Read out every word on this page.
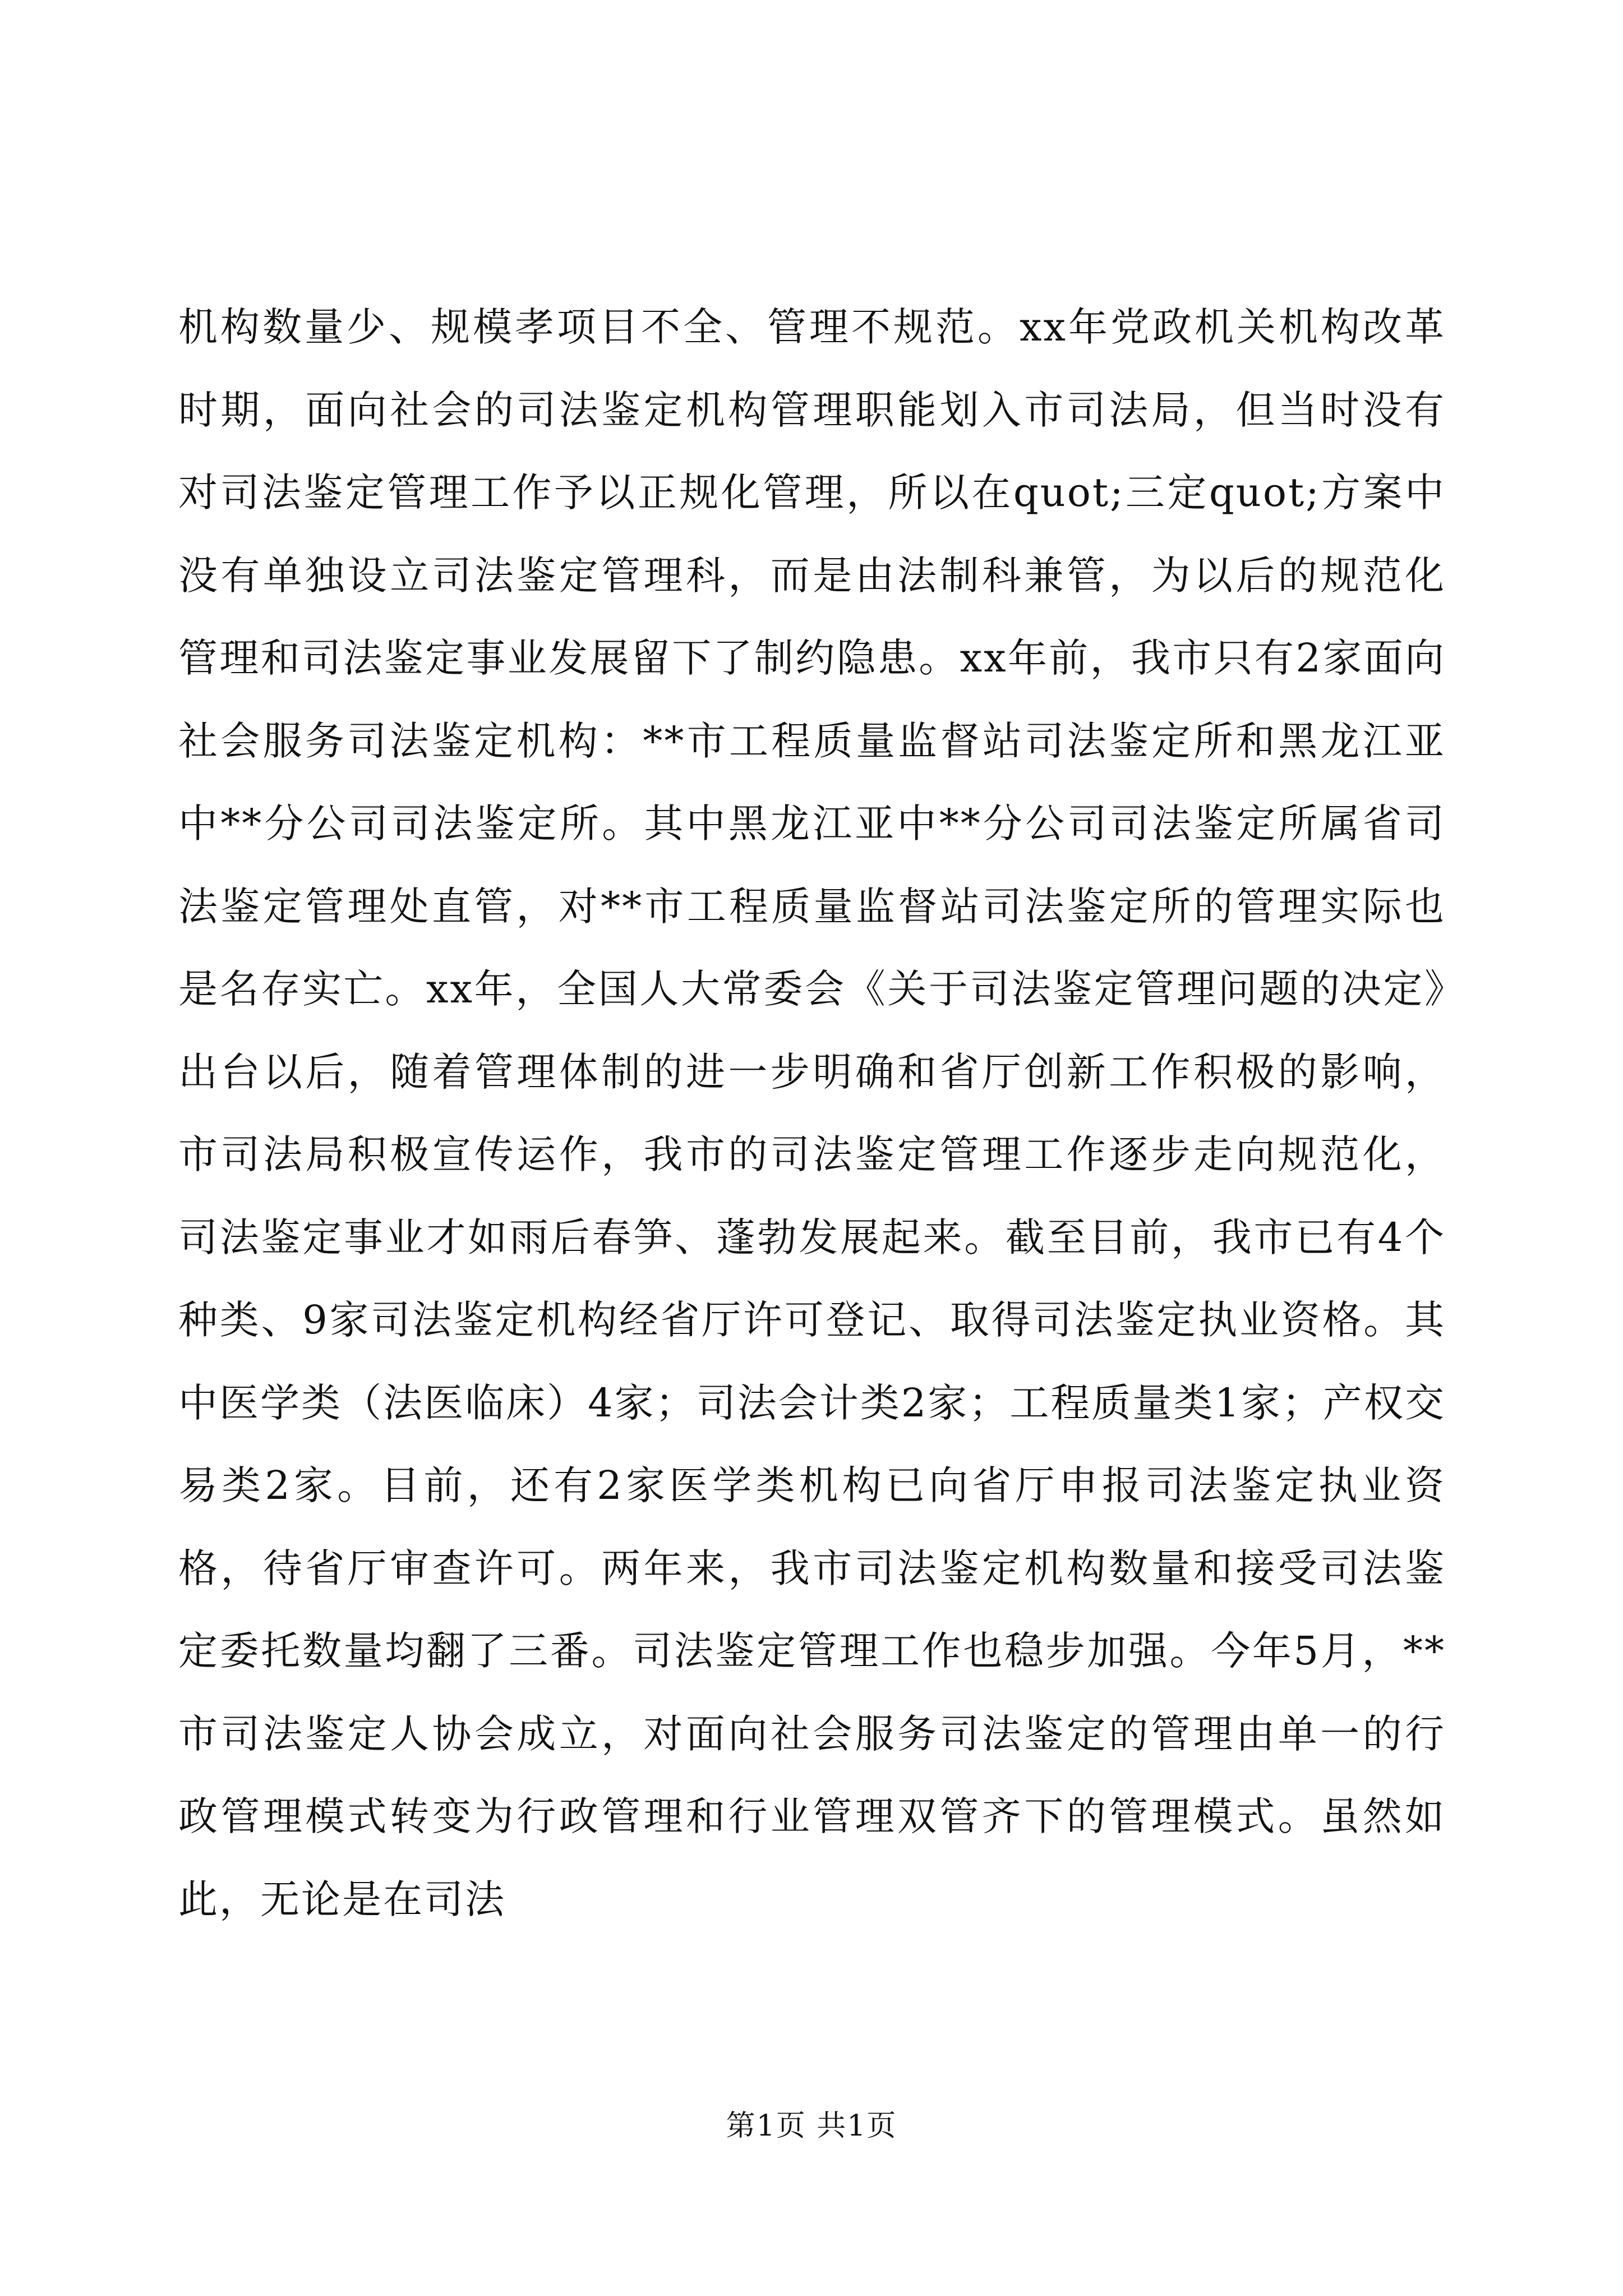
机构数量少、规模孝项目不全、管理不规范。xx年党政机关机构改革时期，面向社会的司法鉴定机构管理职能划入市司法局，但当时没有对司法鉴定管理工作予以正规化管理，所以在quot;三定quot;方案中没有单独设立司法鉴定管理科，而是由法制科兼管，为以后的规范化管理和司法鉴定事业发展留下了制约隐患。xx年前，我市只有2家面向社会服务司法鉴定机构：**市工程质量监督站司法鉴定所和黑龙江亚中**分公司司法鉴定所。其中黑龙江亚中**分公司司法鉴定所属省司法鉴定管理处直管，对**市工程质量监督站司法鉴定所的管理实际也是名存实亡。xx年，全国人大常委会《关于司法鉴定管理问题的决定》出台以后，随着管理体制的进一步明确和省厅创新工作积极的影响，市司法局积极宣传运作，我市的司法鉴定管理工作逐步走向规范化，司法鉴定事业才如雨后春笋、蓬勃发展起来。截至目前，我市已有4个种类、9家司法鉴定机构经省厅许可登记、取得司法鉴定执业资格。其中医学类（法医临床）4家；司法会计类2家；工程质量类1家；产权交易类2家。目前，还有2家医学类机构已向省厅申报司法鉴定执业资格，待省厅审查许可。两年来，我市司法鉴定机构数量和接受司法鉴定委托数量均翻了三番。司法鉴定管理工作也稳步加强。今年5月，**市司法鉴定人协会成立，对面向社会服务司法鉴定的管理由单一的行政管理模式转变为行政管理和行业管理双管齐下的管理模式。虽然如此，无论是在司法

第1页 共1页
